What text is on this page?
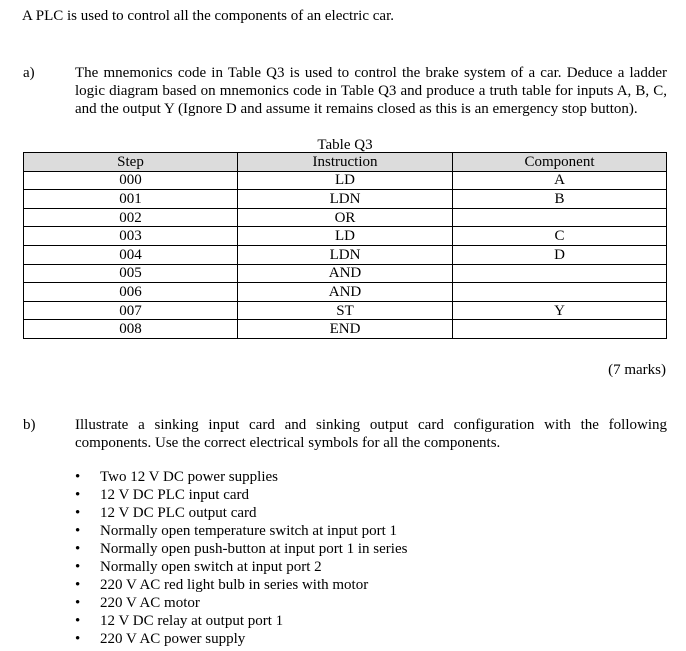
A PLC is used to control all the components of an electric car.
a)	The mnemonics code in Table Q3 is used to control the brake system of a car. Deduce a ladder logic diagram based on mnemonics code in Table Q3 and produce a truth table for inputs A, B, C, and the output Y (Ignore D and assume it remains closed as this is an emergency stop button).
Table Q3
Step	Instruction	Component
000	LD	A
001	LDN	B
002	OR	
003	LD	C
004	LDN	D
005	AND	
006	AND	
007	ST	Y
008	END	
(7 marks)
b)	Illustrate a sinking input card and sinking output card configuration with the following components. Use the correct electrical symbols for all the components.
• Two 12 V DC power supplies
• 12 V DC PLC input card
• 12 V DC PLC output card
• Normally open temperature switch at input port 1
• Normally open push-button at input port 1 in series
• Normally open switch at input port 2
• 220 V AC red light bulb in series with motor
• 220 V AC motor
• 12 V DC relay at output port 1
• 220 V AC power supply
